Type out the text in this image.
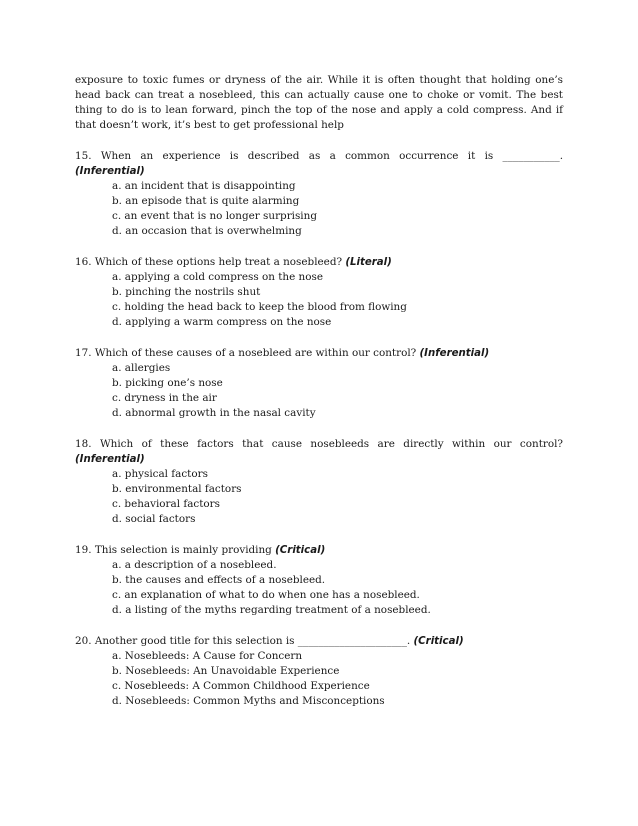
exposure to toxic fumes or dryness of the air. While it is often thought that holding one’s head back can treat a nosebleed, this can actually cause one to choke or vomit. The best thing to do is to lean forward, pinch the top of the nose and apply a cold compress. And if that doesn’t work, it’s best to get professional help

15. When an experience is described as a common occurrence it is ___________.

(Inferential)

a. an incident that is disappointing
b. an episode that is quite alarming
c. an event that is no longer surprising
d. an occasion that is overwhelming

16. Which of these options help treat a nosebleed? (Literal)

a. applying a cold compress on the nose
b. pinching the nostrils shut
c. holding the head back to keep the blood from flowing
d. applying a warm compress on the nose

17. Which of these causes of a nosebleed are within our control? (Inferential)

a. allergies
b. picking one’s nose
c. dryness in the air
d. abnormal growth in the nasal cavity

18. Which of these factors that cause nosebleeds are directly within our control?

(Inferential)

a. physical factors
b. environmental factors
c. behavioral factors
d. social factors

19. This selection is mainly providing (Critical)

a. a description of a nosebleed.
b. the causes and effects of a nosebleed.
c. an explanation of what to do when one has a nosebleed.
d. a listing of the myths regarding treatment of a nosebleed.

20. Another good title for this selection is _____________________. (Critical)

a. Nosebleeds: A Cause for Concern
b. Nosebleeds: An Unavoidable Experience
c. Nosebleeds: A Common Childhood Experience
d. Nosebleeds: Common Myths and Misconceptions
